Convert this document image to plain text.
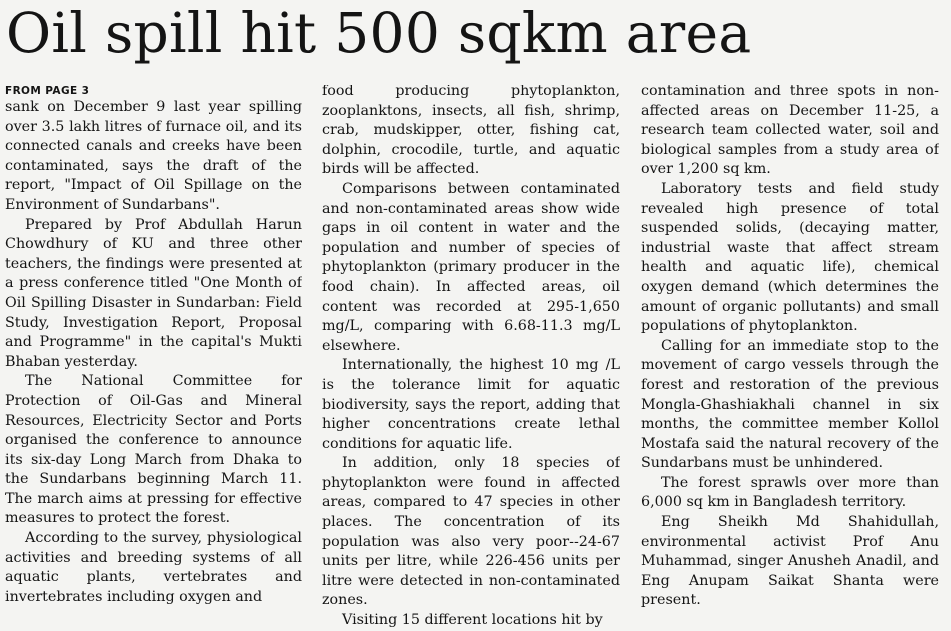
Oil spill hit 500 sqkm area
FROM PAGE 3

sank on December 9 last year spilling over 3.5 lakh litres of furnace oil, and its connected canals and creeks have been contaminated, says the draft of the report, "Impact of Oil Spillage on the Environment of Sundarbans".

Prepared by Prof Abdullah Harun Chowdhury of KU and three other teachers, the findings were presented at a press conference titled "One Month of Oil Spilling Disaster in Sundarban: Field Study, Investigation Report, Proposal and Programme" in the capital's Mukti Bhaban yesterday.

The National Committee for Protection of Oil-Gas and Mineral Resources, Electricity Sector and Ports organised the conference to announce its six-day Long March from Dhaka to the Sundarbans beginning March 11. The march aims at pressing for effective measures to protect the forest.

According to the survey, physiological activities and breeding systems of all aquatic plants, vertebrates and invertebrates including oxygen and

food producing phytoplankton, zooplanktons, insects, all fish, shrimp, crab, mudskipper, otter, fishing cat, dolphin, crocodile, turtle, and aquatic birds will be affected.

Comparisons between contaminated and non-contaminated areas show wide gaps in oil content in water and the population and number of species of phytoplankton (primary producer in the food chain). In affected areas, oil content was recorded at 295-1,650 mg/L, comparing with 6.68-11.3 mg/L elsewhere.

Internationally, the highest 10 mg /L is the tolerance limit for aquatic biodiversity, says the report, adding that higher concentrations create lethal conditions for aquatic life.

In addition, only 18 species of phytoplankton were found in affected areas, compared to 47 species in other places. The concentration of its population was also very poor--24-67 units per litre, while 226-456 units per litre were detected in non-contaminated zones.

Visiting 15 different locations hit by

contamination and three spots in non-affected areas on December 11-25, a research team collected water, soil and biological samples from a study area of over 1,200 sq km.

Laboratory tests and field study revealed high presence of total suspended solids, (decaying matter, industrial waste that affect stream health and aquatic life), chemical oxygen demand (which determines the amount of organic pollutants) and small populations of phytoplankton.

Calling for an immediate stop to the movement of cargo vessels through the forest and restoration of the previous Mongla-Ghashiakhali channel in six months, the committee member Kollol Mostafa said the natural recovery of the Sundarbans must be unhindered.

The forest sprawls over more than 6,000 sq km in Bangladesh territory.

Eng Sheikh Md Shahidullah, environmental activist Prof Anu Muhammad, singer Anusheh Anadil, and Eng Anupam Saikat Shanta were present.
